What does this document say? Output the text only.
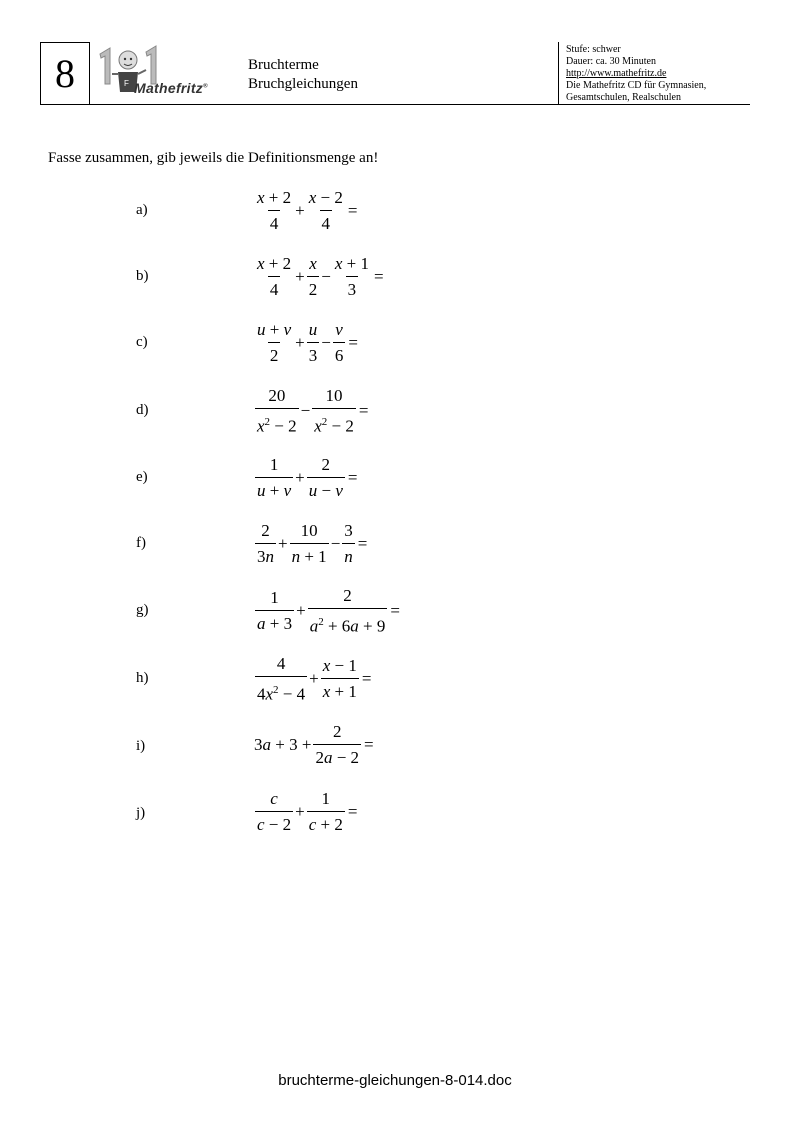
8	F Mathefritz®
Bruchterme
Bruchgleichungen
Stufe: schwer
Dauer: ca. 30 Minuten
http://www.mathefritz.de
Die Mathefritz CD für Gymnasien,
Gesamtschulen, Realschulen
Fasse zusammen, gib jeweils die Definitionsmenge an!
a)	$\frac{x + 2}{4} + \frac{x - 2}{4}$ =
b)	$\frac{x + 2}{4} + \frac{x}{2} - \frac{x + 1}{3}$ =
c)	$\frac{u + v}{2} + \frac{u}{3} - \frac{v}{6}$ =
d)	$\frac{20}{x^2 - 2} - \frac{10}{x^2 - 2}$ =
e)	$\frac{1}{u + v} + \frac{2}{u - v}$ =
f)	$\frac{2}{3n} + \frac{10}{n + 1} - \frac{3}{n}$ =
g)	$\frac{1}{a + 3} + \frac{2}{a^2 + 6a + 9}$ =
h)	$\frac{4}{4x^2 - 4} + \frac{x - 1}{x + 1}$ =
i)	$3a + 3 + \frac{2}{2a - 2}$ =
j)	$\frac{c}{c - 2} + \frac{1}{c + 2}$ =
bruchterme-gleichungen-8-014.doc
